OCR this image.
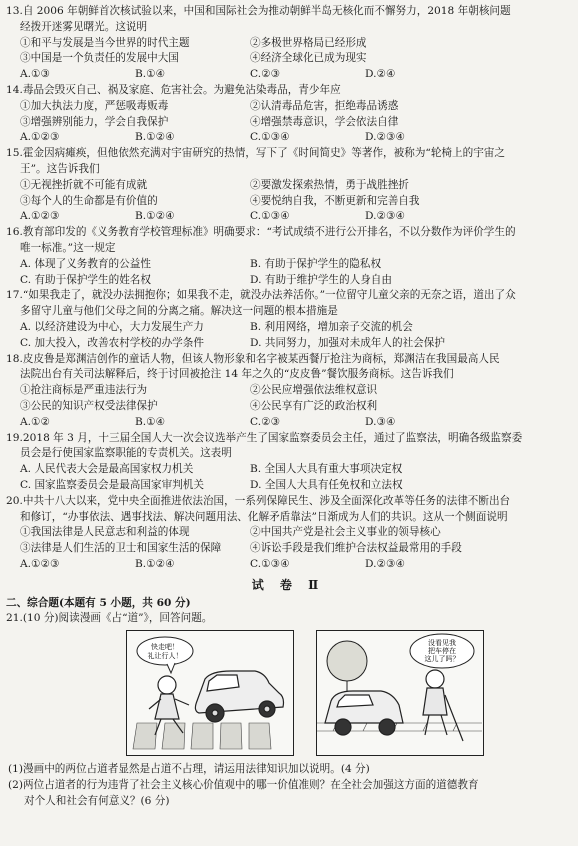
13.自 2006 年朝鲜首次核试验以来，中国和国际社会为推动朝鲜半岛无核化而不懈努力，2018 年朝核问题
经拨开迷雾见曙光。这说明
①和平与发展是当今世界的时代主题	②多极世界格局已经形成
③中国是一个负责任的发展中大国	④经济全球化已成为现实
A.①③	B.①④	C.②③	D.②④
14.毒品会毁灭自己、祸及家庭、危害社会。为避免沾染毒品，青少年应
①加大执法力度，严惩吸毒贩毒	②认清毒品危害，拒绝毒品诱惑
③增强辨别能力，学会自我保护	④增强禁毒意识，学会依法自律
A.①②③	B.①②④	C.①③④	D.②③④
15.霍金因病瘫痪，但他依然充满对宇宙研究的热情，写下了《时间简史》等著作，被称为“轮椅上的宇宙之
王”。这告诉我们
①无视挫折就不可能有成就	②要激发探索热情，勇于战胜挫折
③每个人的生命都是有价值的	④要悦纳自我，不断更新和完善自我
A.①②③	B.①②④	C.①③④	D.②③④
16.教育部印发的《义务教育学校管理标准》明确要求：“考试成绩不进行公开排名，不以分数作为评价学生的
唯一标准。”这一规定
A. 体现了义务教育的公益性	B. 有助于保护学生的隐私权
C. 有助于保护学生的姓名权	D. 有助于维护学生的人身自由
17.“如果我走了，就没办法拥抱你；如果我不走，就没办法养活你。”一位留守儿童父亲的无奈之语，道出了众
多留守儿童与他们父母之间的分离之痛。解决这一问题的根本措施是
A. 以经济建设为中心，大力发展生产力	B. 利用网络，增加亲子交流的机会
C. 加大投入，改善农村学校的办学条件	D. 共同努力，加强对未成年人的社会保护
18.皮皮鲁是郑渊洁创作的童话人物，但该人物形象和名字被某西餐厅抢注为商标，郑渊洁在我国最高人民
法院出台有关司法解释后，终于讨回被抢注 14 年之久的“皮皮鲁”餐饮服务商标。这告诉我们
①抢注商标是严重违法行为	②公民应增强依法维权意识
③公民的知识产权受法律保护	④公民享有广泛的政治权利
A.①②	B.①④	C.②③	D.③④
19.2018 年 3 月，十三届全国人大一次会议选举产生了国家监察委员会主任，通过了监察法，明确各级监察委
员会是行使国家监察职能的专责机关。这表明
A. 人民代表大会是最高国家权力机关	B. 全国人大具有重大事项决定权
C. 国家监察委员会是最高国家审判机关	D. 全国人大具有任免权和立法权
20.中共十八大以来，党中央全面推进依法治国，一系列保障民生、涉及全面深化改革等任务的法律不断出台
和修订，“办事依法、遇事找法、解决问题用法、化解矛盾靠法”日渐成为人们的共识。这从一个侧面说明
①我国法律是人民意志和利益的体现	②中国共产党是社会主义事业的领导核心
③法律是人们生活的卫士和国家生活的保障	④诉讼手段是我们维护合法权益最常用的手段
A.①②③	B.①②④	C.①③④	D.②③④
试 卷 Ⅱ
二、综合题(本题有 5 小题，共 60 分)
21.(10 分)阅读漫画《占“道”》，回答问题。
快走吧！
礼让行人！
没看见我
把车停在
这儿了吗？
(1)漫画中的两位占道者显然是占道不占理，请运用法律知识加以说明。(4 分)
(2)两位占道者的行为违背了社会主义核心价值观中的哪一价值准则？在全社会加强这方面的道德教育
对个人和社会有何意义？(6 分)
